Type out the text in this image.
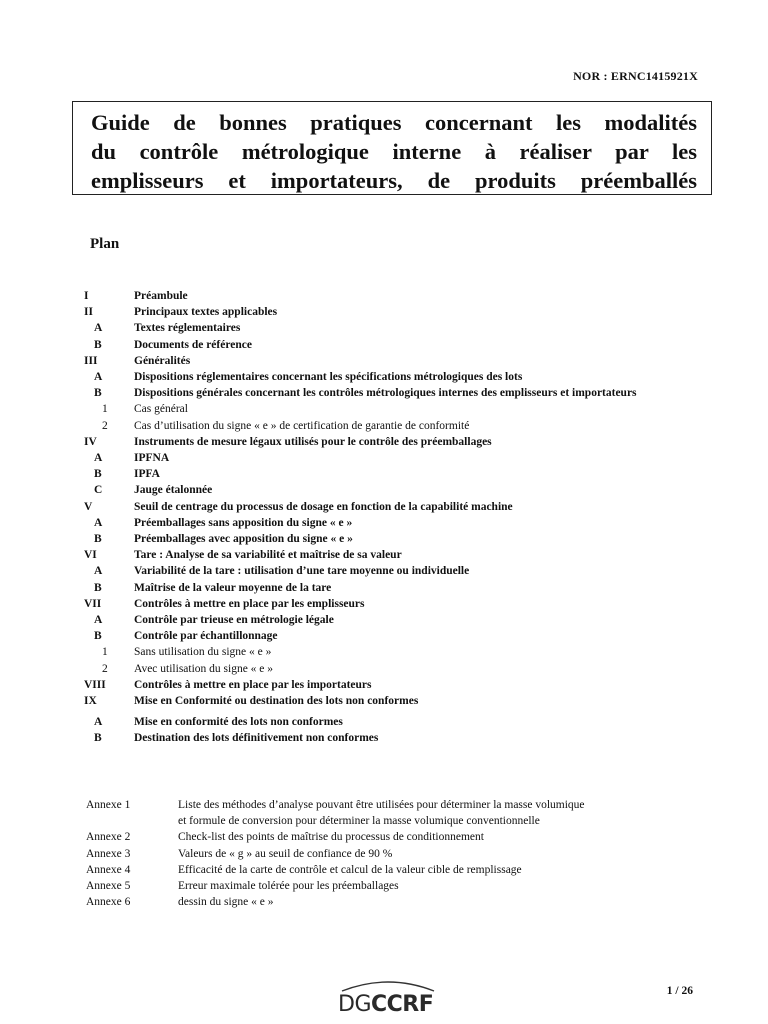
NOR : ERNC1415921X
Guide de bonnes pratiques concernant les modalités
du contrôle métrologique interne à réaliser par les
emplisseurs et importateurs, de produits préemballés
Plan
I	Préambule
II	Principaux textes applicables
A	Textes réglementaires
B	Documents de référence
III	Généralités
A	Dispositions réglementaires concernant les spécifications métrologiques des lots
B	Dispositions générales concernant les contrôles métrologiques internes des emplisseurs et importateurs
1	Cas général
2	Cas d’utilisation du signe « e » de certification de garantie de conformité
IV	Instruments de mesure légaux utilisés pour le contrôle des préemballages
A	IPFNA
B	IPFA
C	Jauge étalonnée
V	Seuil de centrage du processus de dosage en fonction de la capabilité machine
A	Préemballages sans apposition du signe « e »
B	Préemballages avec apposition du signe « e »
VI	Tare : Analyse de sa variabilité et maîtrise de sa valeur
A	Variabilité de la tare : utilisation d’une tare moyenne ou individuelle
B	Maîtrise de la valeur moyenne de la tare
VII	Contrôles à mettre en place par les emplisseurs
A	Contrôle par trieuse en métrologie légale
B	Contrôle par échantillonnage
1	Sans utilisation du signe « e »
2	Avec utilisation du signe « e »
VIII	Contrôles à mettre en place par les importateurs
IX	Mise en Conformité ou destination des lots non conformes
A	Mise en conformité des lots non conformes
B	Destination des lots définitivement non conformes
Annexe 1	Liste des méthodes d’analyse pouvant être utilisées pour déterminer la masse volumique
et formule de conversion pour déterminer la masse volumique conventionnelle
Annexe 2	Check-list des points de maîtrise du processus de conditionnement
Annexe 3	Valeurs de « g » au seuil de confiance de 90 %
Annexe 4	Efficacité de la carte de contrôle et calcul de la valeur cible de remplissage
Annexe 5	Erreur maximale tolérée pour les préemballages
Annexe 6	dessin du signe « e »
DGCCRF
1 / 26
